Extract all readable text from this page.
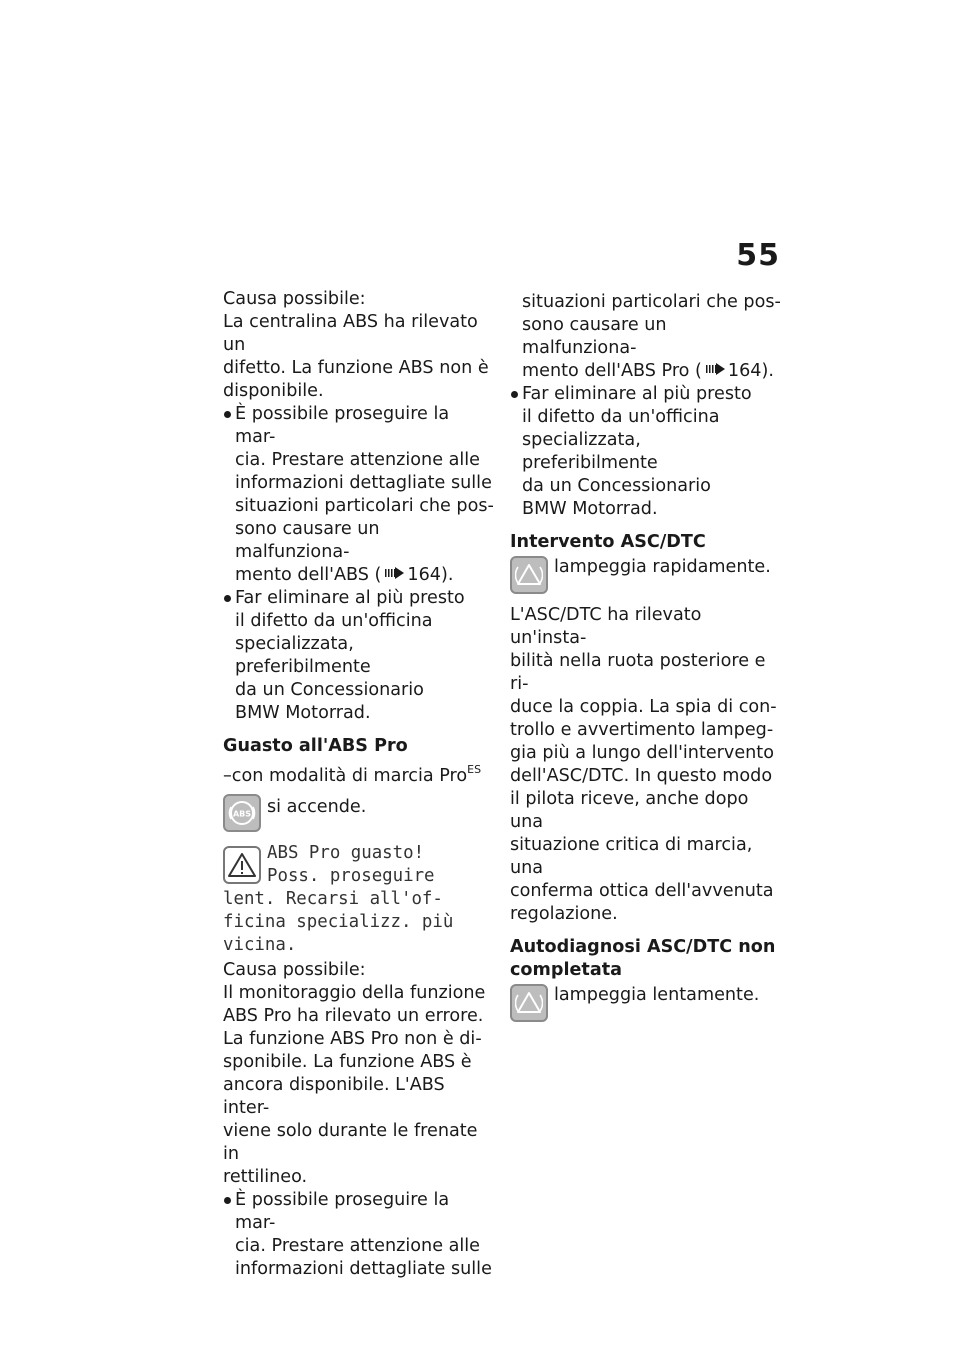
55

Causa possibile:

La centralina ABS ha rilevato un

difetto. La funzione ABS non è

disponibile.

È possibile proseguire la mar-

cia. Prestare attenzione alle

informazioni dettagliate sulle

situazioni particolari che pos-

sono causare un malfunziona-

mento dell'ABS ( 164).

Far eliminare al più presto

il difetto da un'officina

specializzata, preferibilmente

da un Concessionario

BMW Motorrad.

Guasto all'ABS Pro

–con modalità di marcia Pro$^{ES}$

ABS si accende.

ABS Pro guasto!

Poss. proseguire

lent. Recarsi all'of-

ficina specializz. più

vicina.

Causa possibile:

Il monitoraggio della funzione

ABS Pro ha rilevato un errore.

La funzione ABS Pro non è di-

sponibile. La funzione ABS è

ancora disponibile. L'ABS inter-

viene solo durante le frenate in

rettilineo.

È possibile proseguire la mar-

cia. Prestare attenzione alle

informazioni dettagliate sulle

situazioni particolari che pos-

sono causare un malfunziona-

mento dell'ABS Pro ( 164).

Far eliminare al più presto

il difetto da un'officina

specializzata, preferibilmente

da un Concessionario

BMW Motorrad.

Intervento ASC/DTC

lampeggia rapidamente.

L'ASC/DTC ha rilevato un'insta-

bilità nella ruota posteriore e ri-

duce la coppia. La spia di con-

trollo e avvertimento lampeg-

gia più a lungo dell'intervento

dell'ASC/DTC. In questo modo

il pilota riceve, anche dopo una

situazione critica di marcia, una

conferma ottica dell'avvenuta

regolazione.

Autodiagnosi ASC/DTC non

completata

lampeggia lentamente.
